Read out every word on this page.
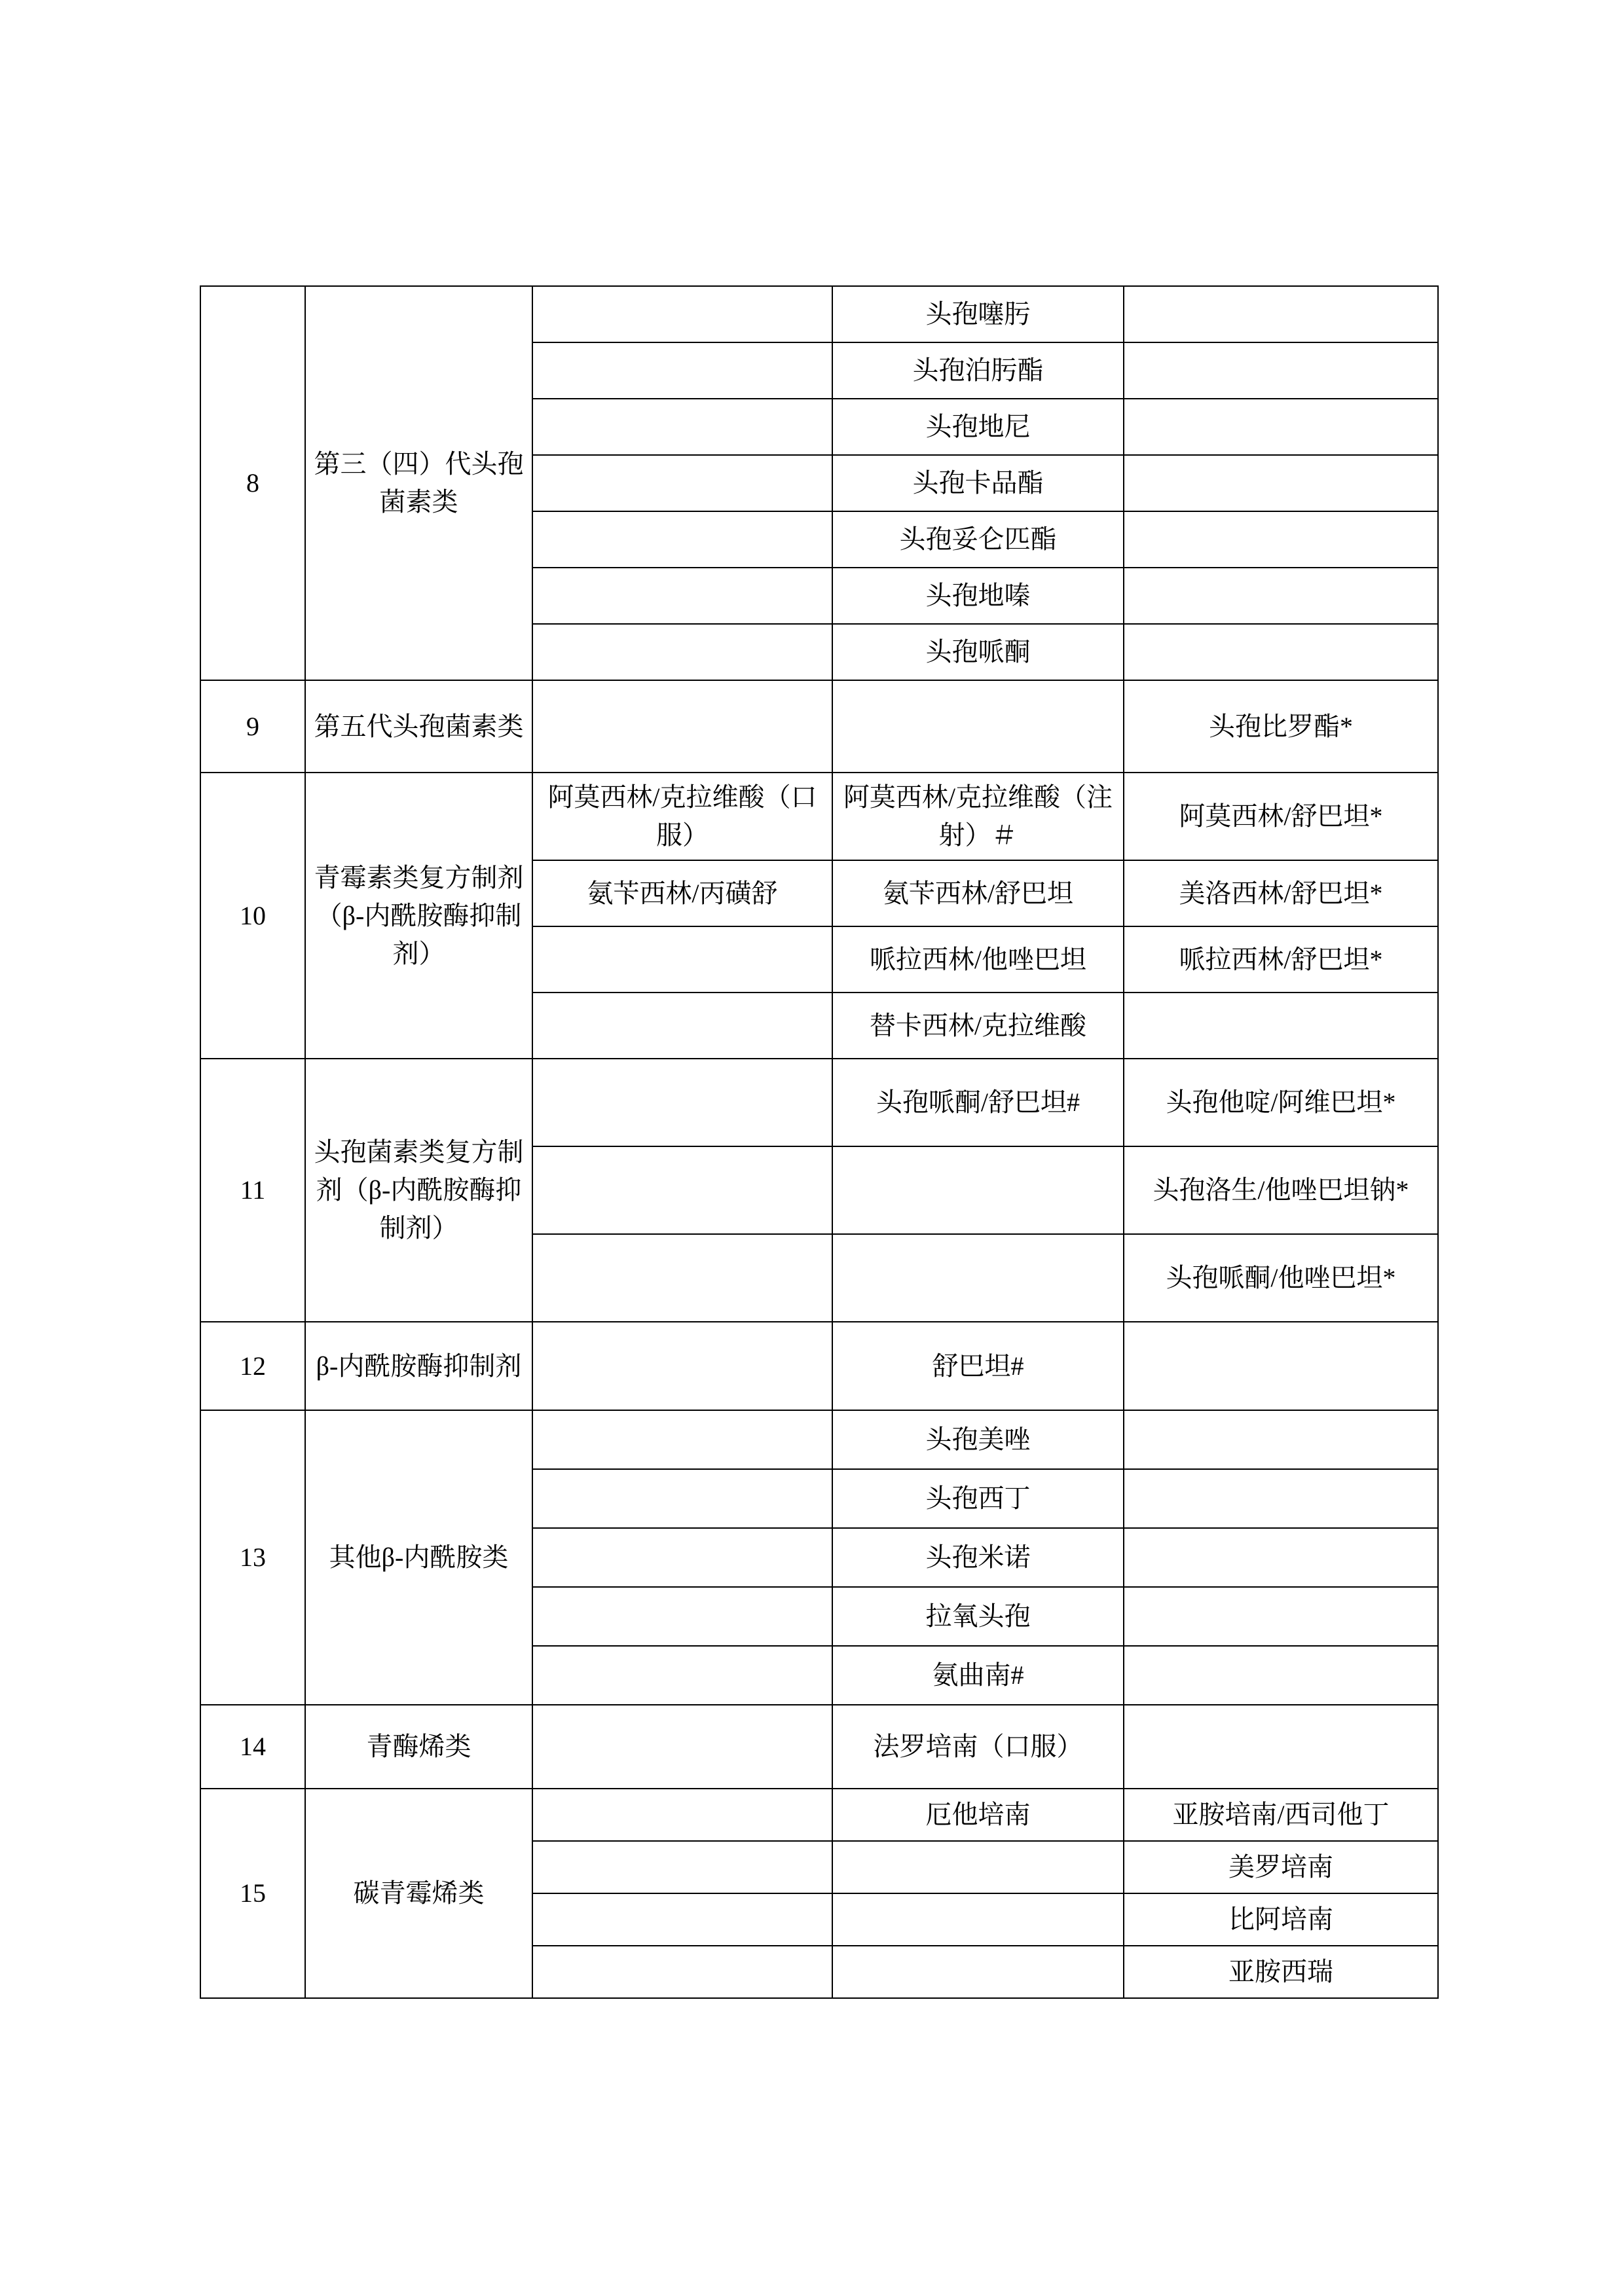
8	第三（四）代头孢菌素类		头孢噻肟	
			头孢泊肟酯	
			头孢地尼	
			头孢卡品酯	
			头孢妥仑匹酯	
			头孢地嗪	
			头孢哌酮	
9	第五代头孢菌素类			头孢比罗酯*
10	青霉素类复方制剂（β-内酰胺酶抑制剂）	阿莫西林/克拉维酸（口服）	阿莫西林/克拉维酸（注射）＃	阿莫西林/舒巴坦*
		氨苄西林/丙磺舒	氨苄西林/舒巴坦	美洛西林/舒巴坦*
			哌拉西林/他唑巴坦	哌拉西林/舒巴坦*
			替卡西林/克拉维酸	
11	头孢菌素类复方制剂（β-内酰胺酶抑制剂）		头孢哌酮/舒巴坦#	头孢他啶/阿维巴坦*
				头孢洛生/他唑巴坦钠*
				头孢哌酮/他唑巴坦*
12	β-内酰胺酶抑制剂		舒巴坦#	
13	其他β-内酰胺类		头孢美唑	
			头孢西丁	
			头孢米诺	
			拉氧头孢	
			氨曲南#	
14	青酶烯类		法罗培南（口服）	
15	碳青霉烯类		厄他培南	亚胺培南/西司他丁
				美罗培南
				比阿培南
				亚胺西瑞
